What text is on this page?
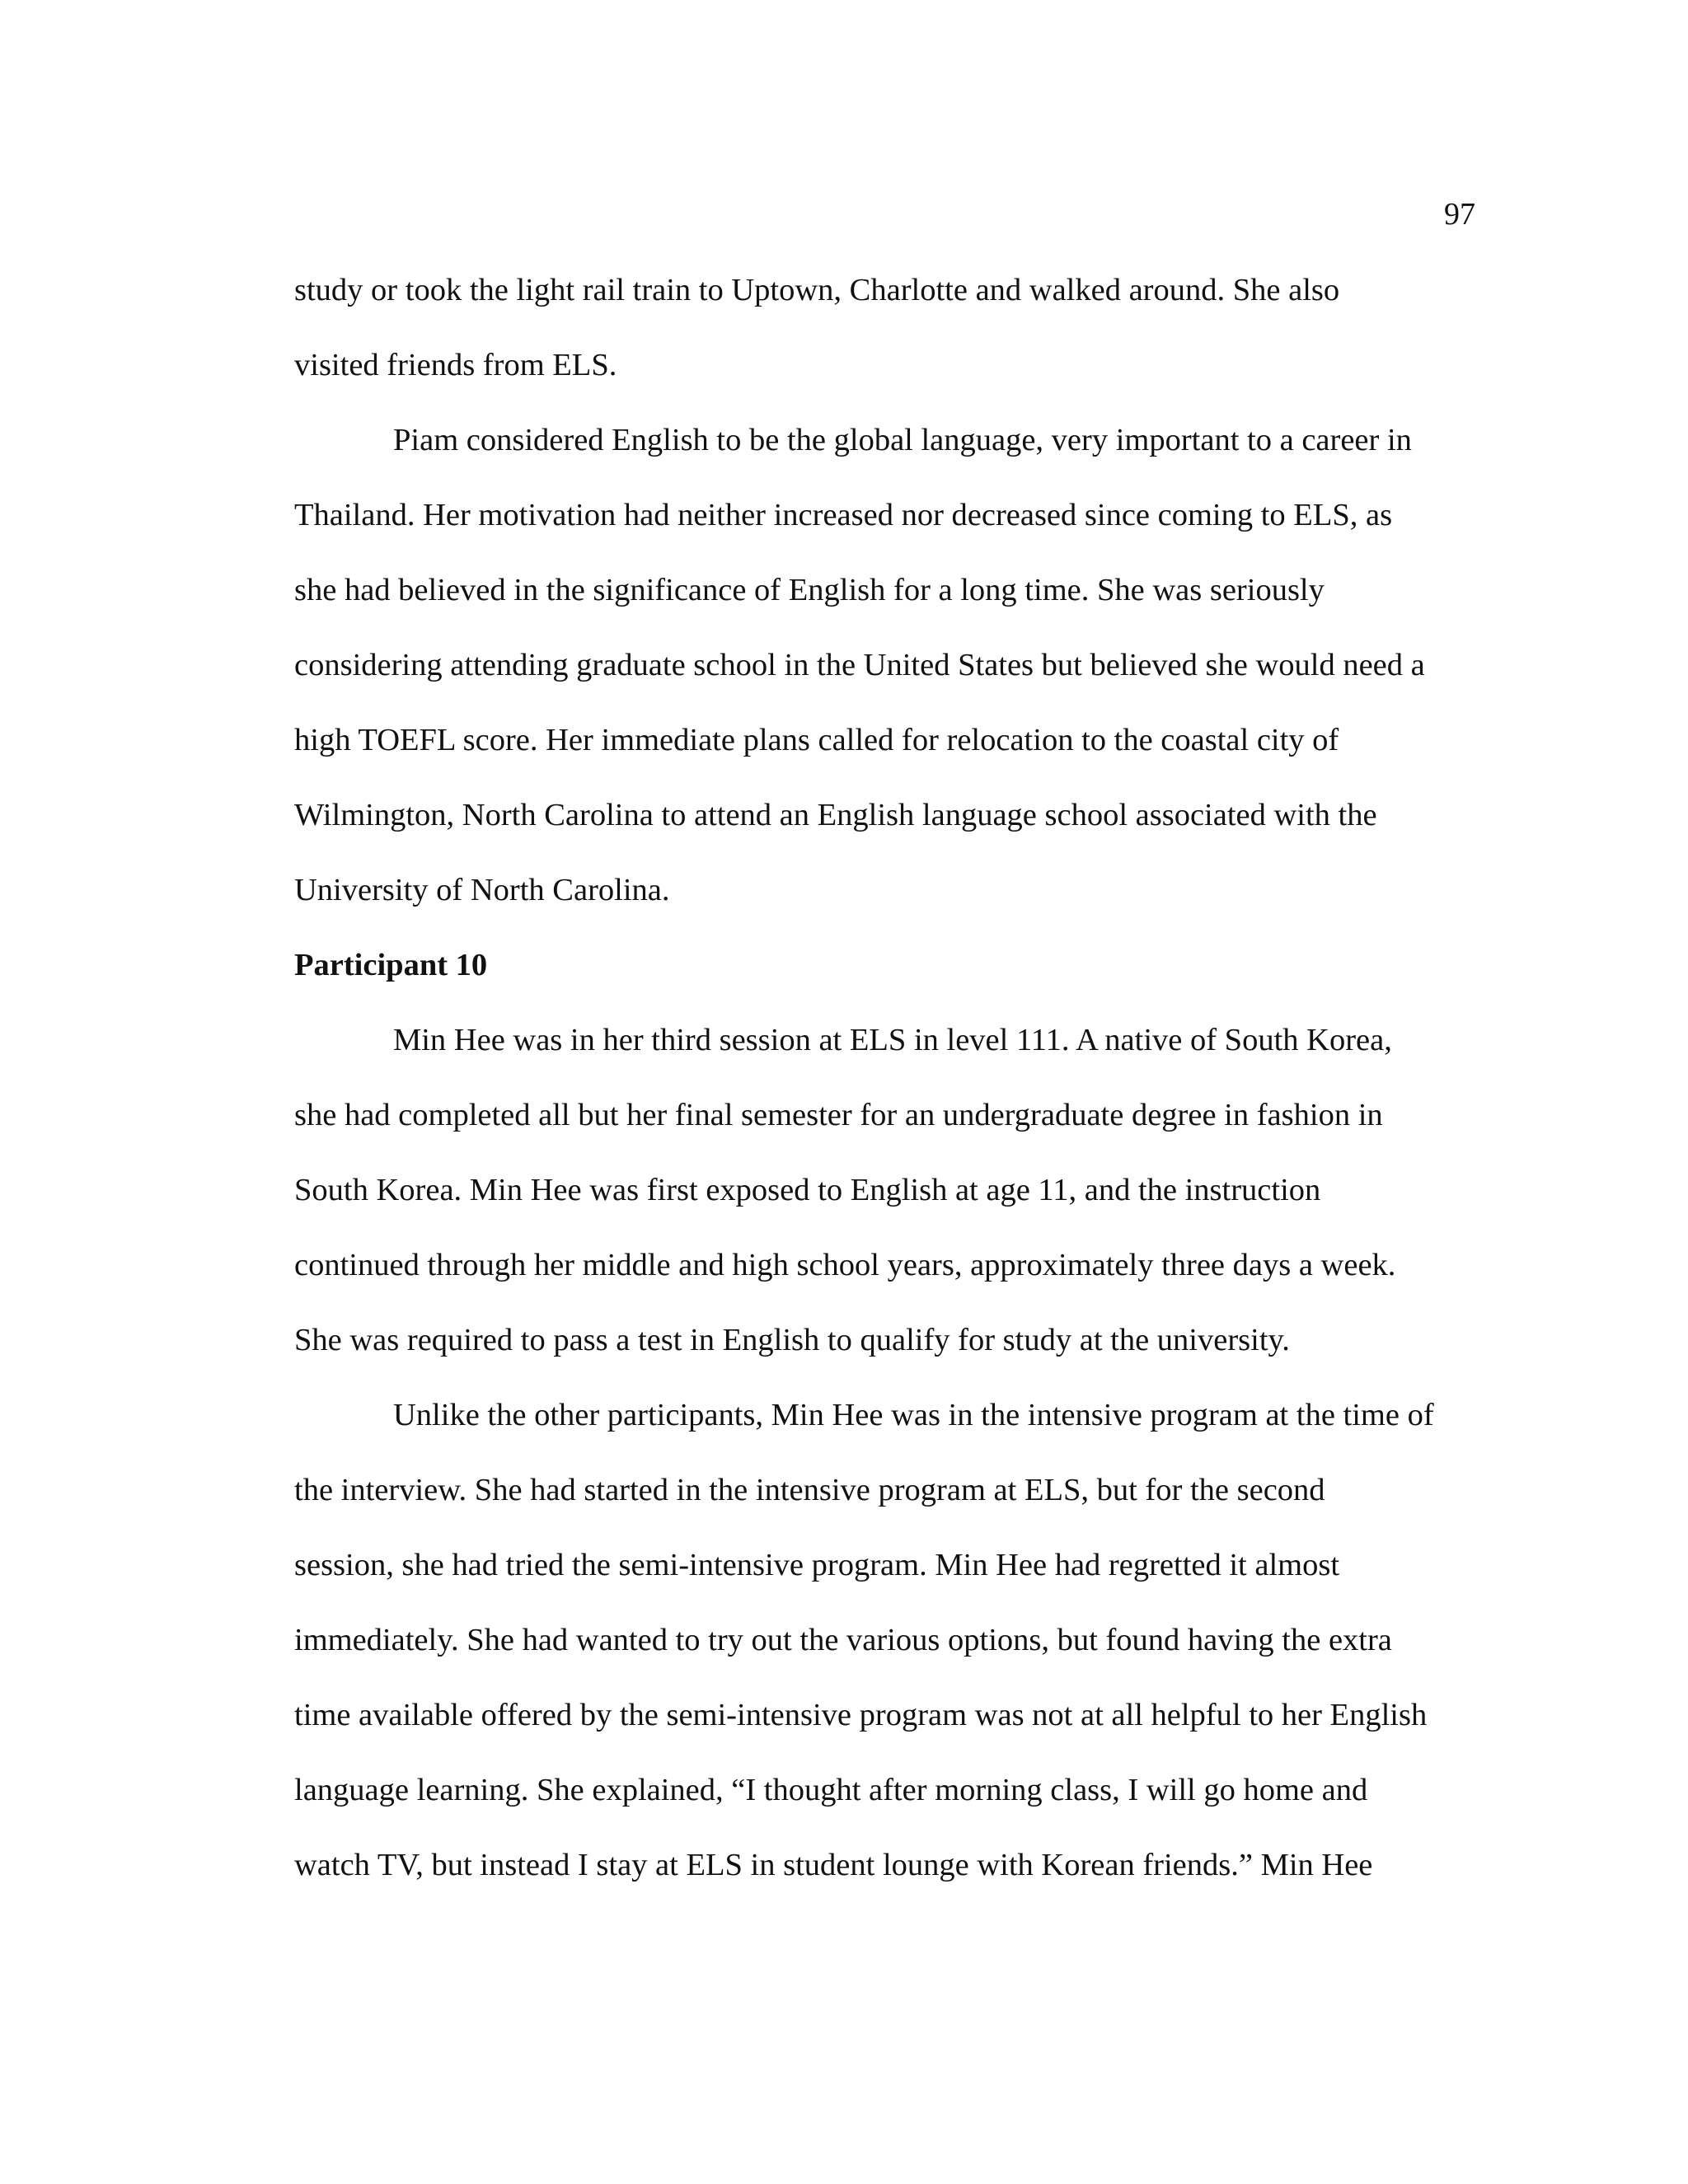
97
study or took the light rail train to Uptown, Charlotte and walked around. She also
visited friends from ELS.
Piam considered English to be the global language, very important to a career in
Thailand. Her motivation had neither increased nor decreased since coming to ELS, as
she had believed in the significance of English for a long time. She was seriously
considering attending graduate school in the United States but believed she would need a
high TOEFL score. Her immediate plans called for relocation to the coastal city of
Wilmington, North Carolina to attend an English language school associated with the
University of North Carolina.
Participant 10
Min Hee was in her third session at ELS in level 111. A native of South Korea,
she had completed all but her final semester for an undergraduate degree in fashion in
South Korea. Min Hee was first exposed to English at age 11, and the instruction
continued through her middle and high school years, approximately three days a week.
She was required to pass a test in English to qualify for study at the university.
Unlike the other participants, Min Hee was in the intensive program at the time of
the interview. She had started in the intensive program at ELS, but for the second
session, she had tried the semi-intensive program. Min Hee had regretted it almost
immediately. She had wanted to try out the various options, but found having the extra
time available offered by the semi-intensive program was not at all helpful to her English
language learning. She explained, “I thought after morning class, I will go home and
watch TV, but instead I stay at ELS in student lounge with Korean friends.” Min Hee
